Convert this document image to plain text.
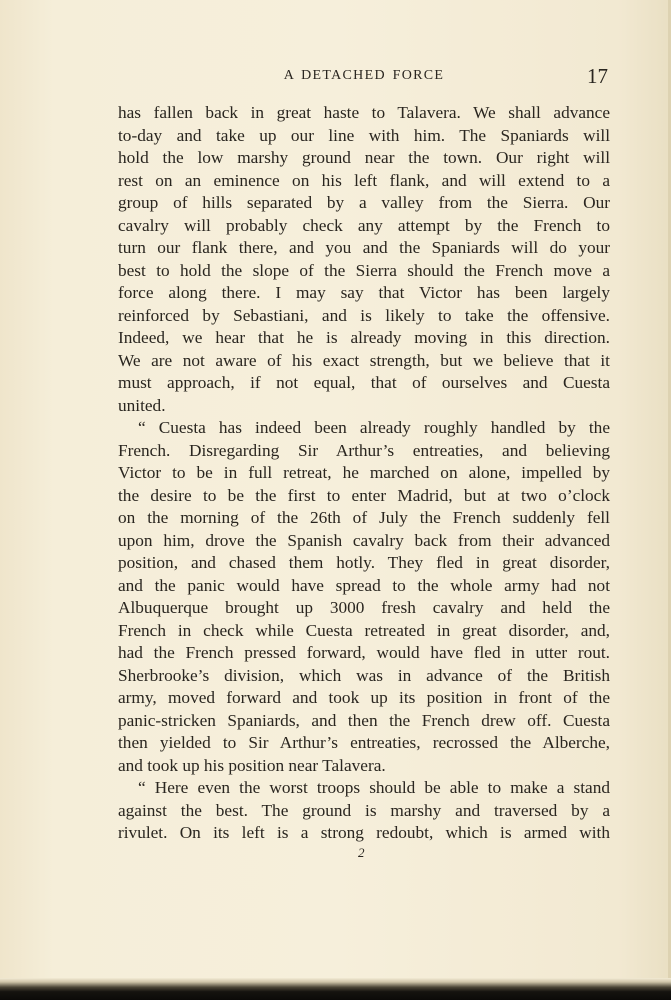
A DETACHED FORCE	17
has fallen back in great haste to Talavera. We shall advance
to-day and take up our line with him. The Spaniards will
hold the low marshy ground near the town. Our right will
rest on an eminence on his left flank, and will extend to a
group of hills separated by a valley from the Sierra. Our
cavalry will probably check any attempt by the French to
turn our flank there, and you and the Spaniards will do your
best to hold the slope of the Sierra should the French move a
force along there. I may say that Victor has been largely
reinforced by Sebastiani, and is likely to take the offensive.
Indeed, we hear that he is already moving in this direction.
We are not aware of his exact strength, but we believe that it
must approach, if not equal, that of ourselves and Cuesta
united.
“ Cuesta has indeed been already roughly handled by the
French. Disregarding Sir Arthur’s entreaties, and believing
Victor to be in full retreat, he marched on alone, impelled by
the desire to be the first to enter Madrid, but at two o’clock
on the morning of the 26th of July the French suddenly fell
upon him, drove the Spanish cavalry back from their advanced
position, and chased them hotly. They fled in great disorder,
and the panic would have spread to the whole army had not
Albuquerque brought up 3000 fresh cavalry and held the
French in check while Cuesta retreated in great disorder, and,
had the French pressed forward, would have fled in utter rout.
Sherbrooke’s division, which was in advance of the British
army, moved forward and took up its position in front of the
panic-stricken Spaniards, and then the French drew off. Cuesta
then yielded to Sir Arthur’s entreaties, recrossed the Alberche,
and took up his position near Talavera.
“ Here even the worst troops should be able to make a stand
against the best. The ground is marshy and traversed by a
rivulet. On its left is a strong redoubt, which is armed with
2
